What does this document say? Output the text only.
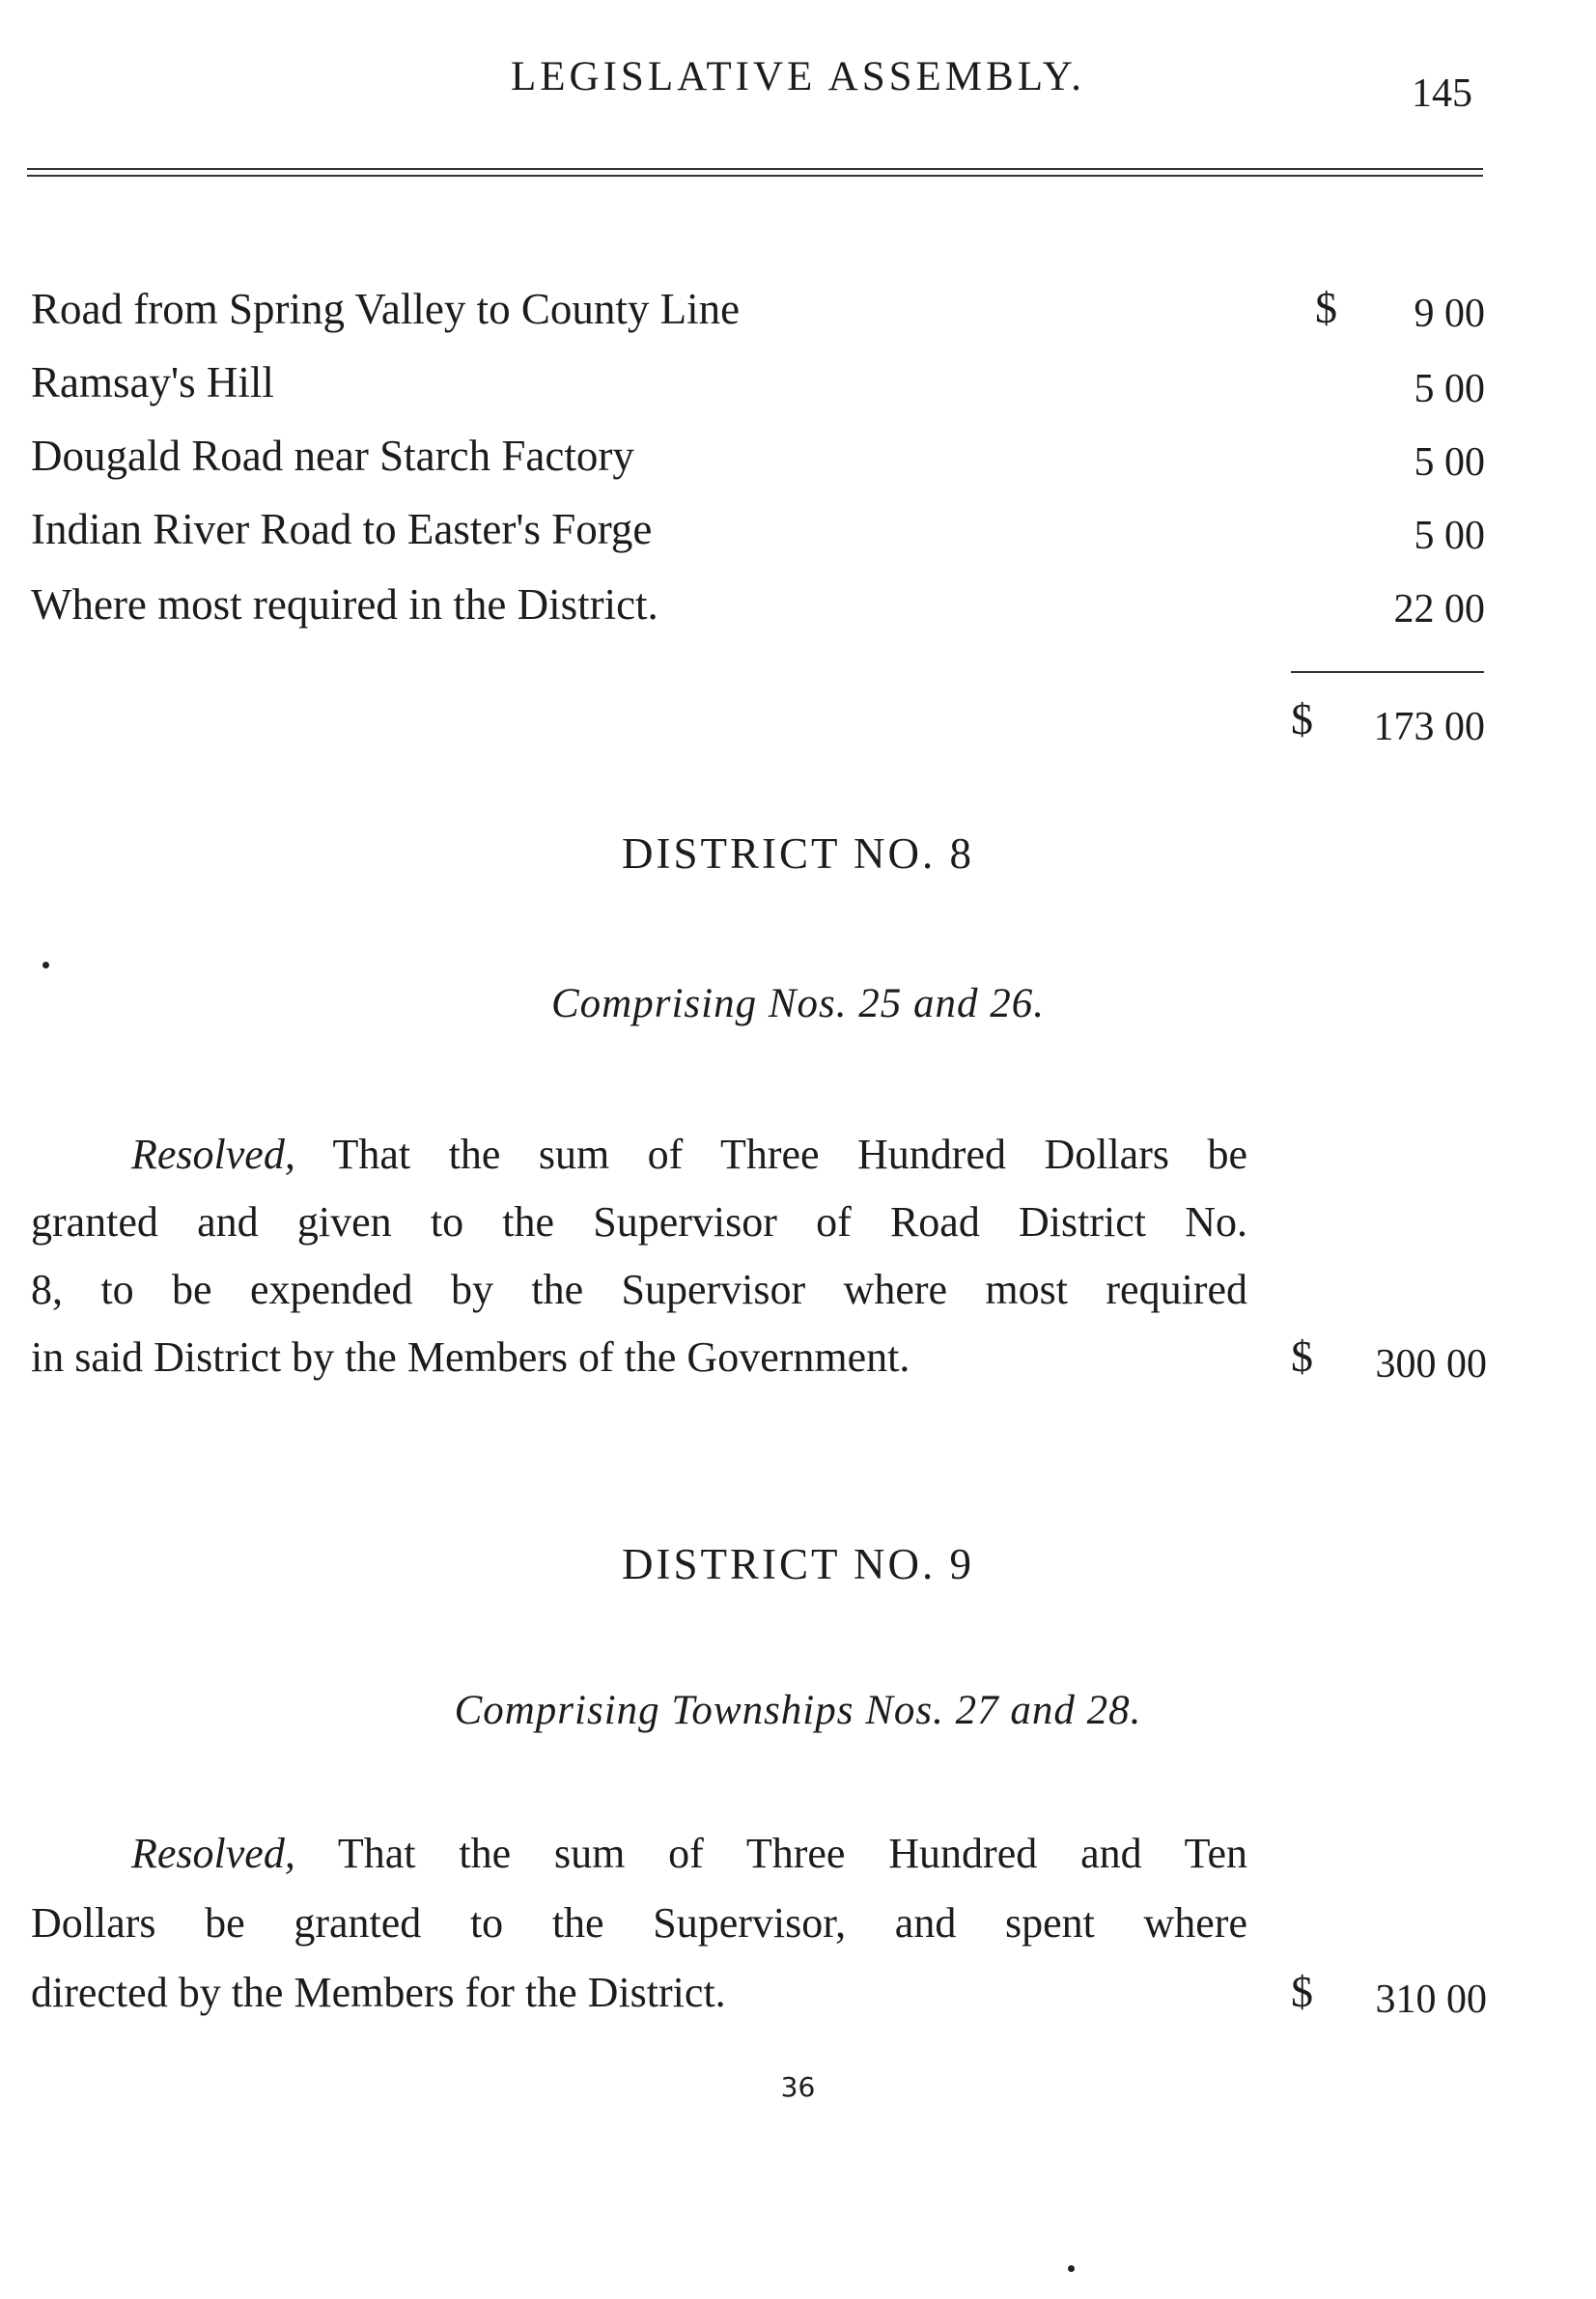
LEGISLATIVE ASSEMBLY.	145
Road from Spring Valley to County Line	$	9 00
Ramsay's Hill	5 00
Dougald Road near Starch Factory	5 00
Indian River Road to Easter's Forge	5 00
Where most required in the District.	22 00
$	173 00
DISTRICT NO. 8
Comprising Nos. 25 and 26.
Resolved, That the sum of Three Hundred Dollars be
granted and given to the Supervisor of Road District No.
8, to be expended by the Supervisor where most required
in said District by the Members of the Government.	$	300 00
DISTRICT NO. 9
Comprising Townships Nos. 27 and 28.
Resolved, That the sum of Three Hundred and Ten
Dollars be granted to the Supervisor, and spent where
directed by the Members for the District.	$	310 00
36
